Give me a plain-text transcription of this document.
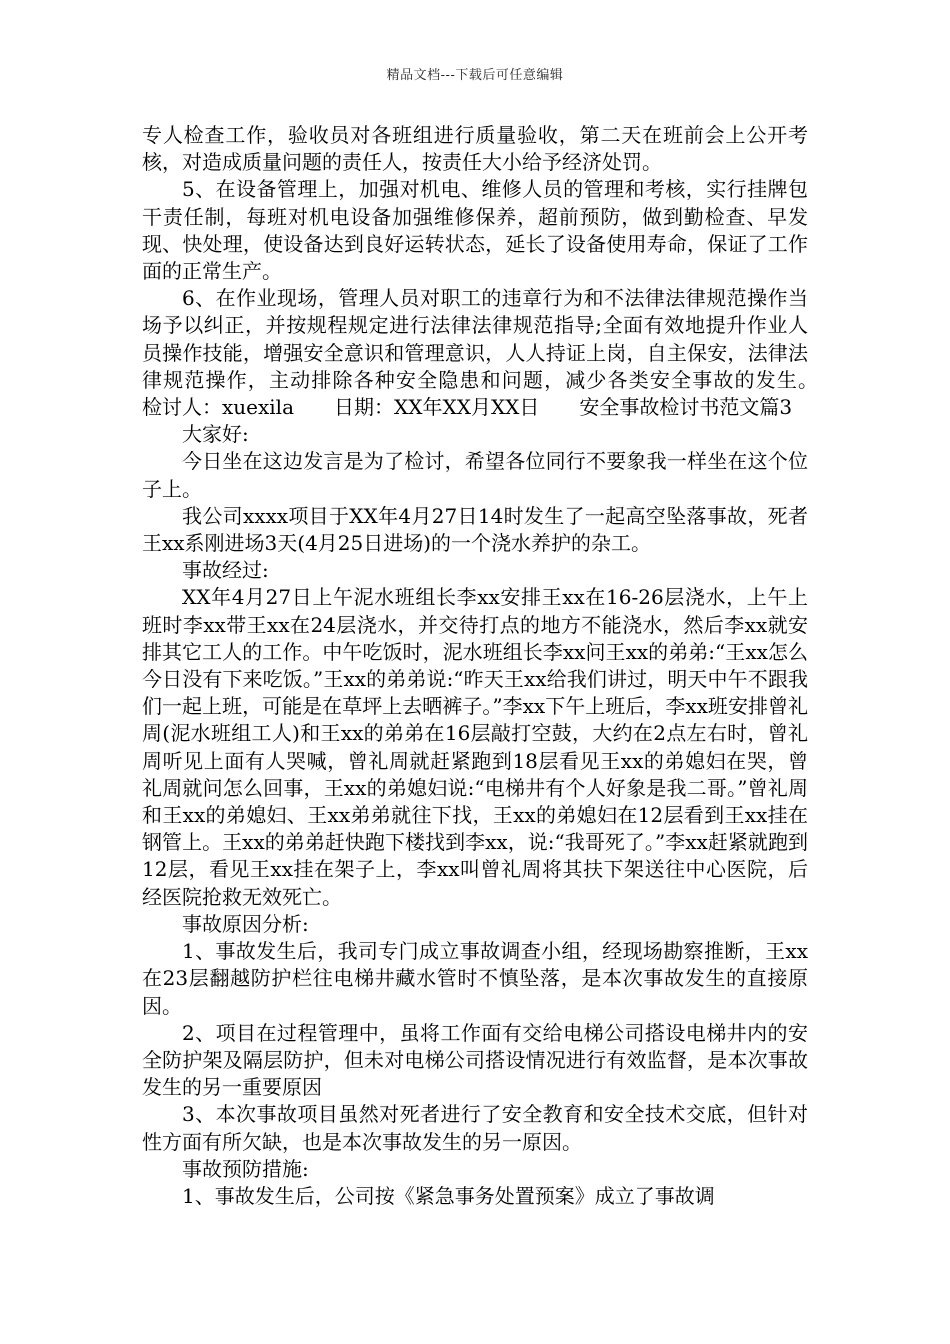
精品文档---下载后可任意编辑

专人检查工作，验收员对各班组进行质量验收，第二天在班前会上公开考核，对造成质量问题的责任人，按责任大小给予经济处罚。

5、在设备管理上，加强对机电、维修人员的管理和考核，实行挂牌包干责任制，每班对机电设备加强维修保养，超前预防，做到勤检查、早发现、快处理，使设备达到良好运转状态，延长了设备使用寿命，保证了工作面的正常生产。

6、在作业现场，管理人员对职工的违章行为和不法律法律规范操作当场予以纠正，并按规程规定进行法律法律规范指导;全面有效地提升作业人员操作技能，增强安全意识和管理意识，人人持证上岗，自主保安，法律法律规范操作，主动排除各种安全隐患和问题，减少各类安全事故的发生。　　检讨人：xuexila　　日期：XX年XX月XX日　　安全事故检讨书范文篇3

大家好:

今日坐在这边发言是为了检讨，希望各位同行不要象我一样坐在这个位子上。

我公司xxxx项目于XX年4月27日14时发生了一起高空坠落事故，死者王xx系刚进场3天(4月25日进场)的一个浇水养护的杂工。

事故经过:

XX年4月27日上午泥水班组长李xx安排王xx在16-26层浇水，上午上班时李xx带王xx在24层浇水，并交待打点的地方不能浇水，然后李xx就安排其它工人的工作。中午吃饭时，泥水班组长李xx问王xx的弟弟:“王xx怎么今日没有下来吃饭。”王xx的弟弟说:“昨天王xx给我们讲过，明天中午不跟我们一起上班，可能是在草坪上去晒裤子。”李xx下午上班后，李xx班安排曾礼周(泥水班组工人)和王xx的弟弟在16层敲打空鼓，大约在2点左右时，曾礼周听见上面有人哭喊，曾礼周就赶紧跑到18层看见王xx的弟媳妇在哭，曾礼周就问怎么回事，王xx的弟媳妇说:“电梯井有个人好象是我二哥。”曾礼周和王xx的弟媳妇、王xx弟弟就往下找，王xx的弟媳妇在12层看到王xx挂在钢管上。王xx的弟弟赶快跑下楼找到李xx，说:“我哥死了。”李xx赶紧就跑到12层，看见王xx挂在架子上，李xx叫曾礼周将其扶下架送往中心医院，后经医院抢救无效死亡。

事故原因分析:

1、事故发生后，我司专门成立事故调查小组，经现场勘察推断，王xx在23层翻越防护栏往电梯井藏水管时不慎坠落，是本次事故发生的直接原因。

2、项目在过程管理中，虽将工作面有交给电梯公司搭设电梯井内的安全防护架及隔层防护，但未对电梯公司搭设情况进行有效监督，是本次事故发生的另一重要原因

3、本次事故项目虽然对死者进行了安全教育和安全技术交底，但针对性方面有所欠缺，也是本次事故发生的另一原因。

事故预防措施:

1、事故发生后，公司按《紧急事务处置预案》成立了事故调
